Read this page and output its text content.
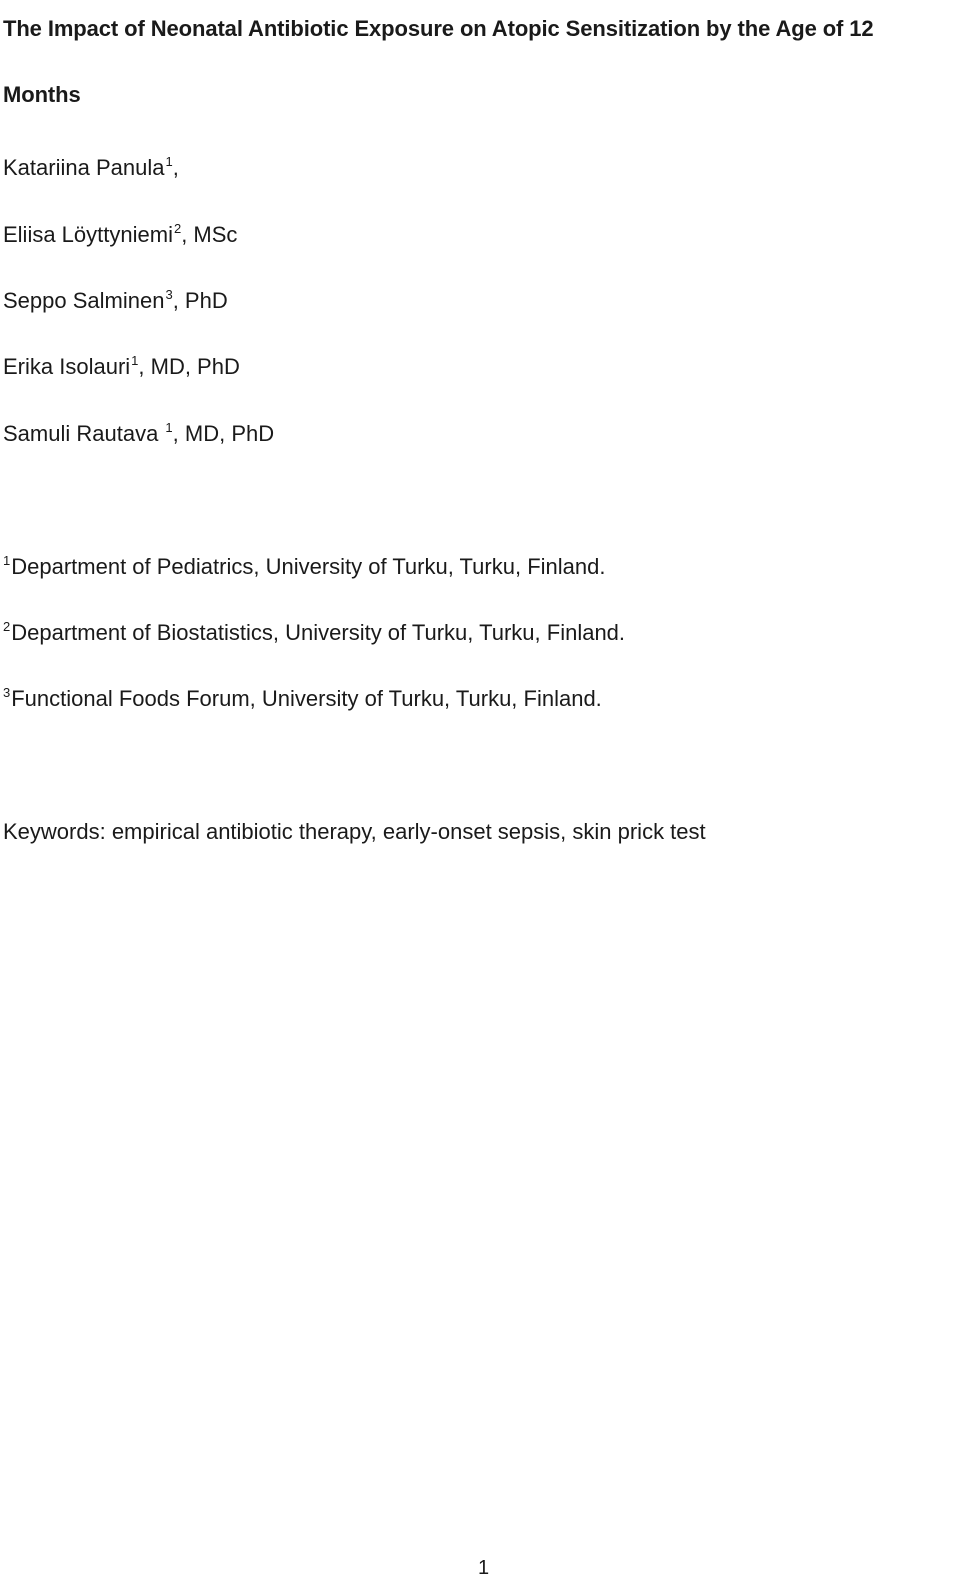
The Impact of Neonatal Antibiotic Exposure on Atopic Sensitization by the Age of 12 Months
Katariina Panula$^1$,
Eliisa Löyttyniemi$^2$, MSc
Seppo Salminen$^3$, PhD
Erika Isolauri$^1$, MD, PhD
Samuli Rautava $^1$, MD, PhD
$^1$Department of Pediatrics, University of Turku, Turku, Finland.
$^2$Department of Biostatistics, University of Turku, Turku, Finland.
$^3$Functional Foods Forum, University of Turku, Turku, Finland.
Keywords: empirical antibiotic therapy, early-onset sepsis, skin prick test
1
